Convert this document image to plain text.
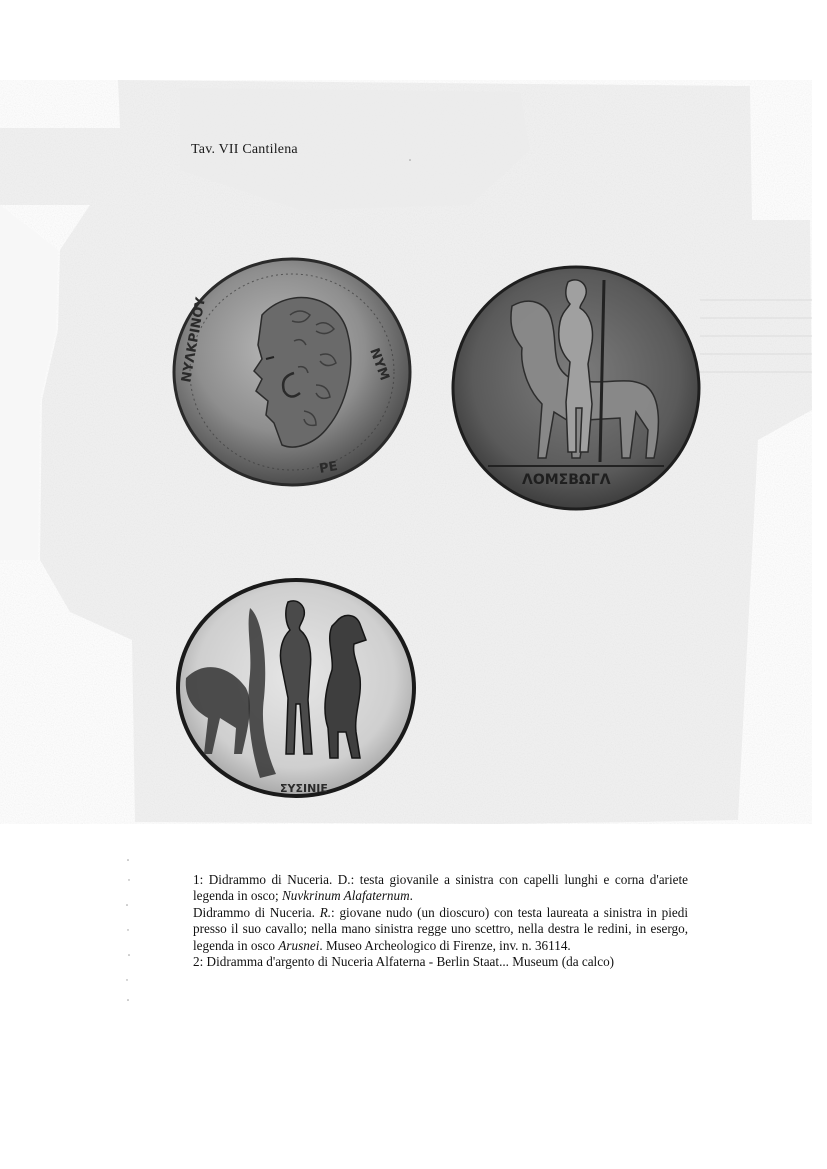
Tav. VII Cantilena
ΝΥΛΚΡΙΝΟΥ	ΝΥΜ
ΡΕ
ΛΟΜΣΒΩΓΛ
ΣΥΣΙΝΙΕ

1: Didrammo di Nuceria. D.: testa giovanile a sinistra con capelli lunghi e corna d'ariete legenda in osco; Nuvkrinum Alafaternum.

Didrammo di Nuceria. R.: giovane nudo (un dioscuro) con testa laureata a sinistra in piedi presso il suo cavallo; nella mano sinistra regge uno scettro, nella destra le redini, in esergo, legenda in osco Arusnei. Museo Archeologico di Firenze, inv. n. 36114.

2: Didramma d'argento di Nuceria Alfaterna - Berlin Staat... Museum (da calco)
